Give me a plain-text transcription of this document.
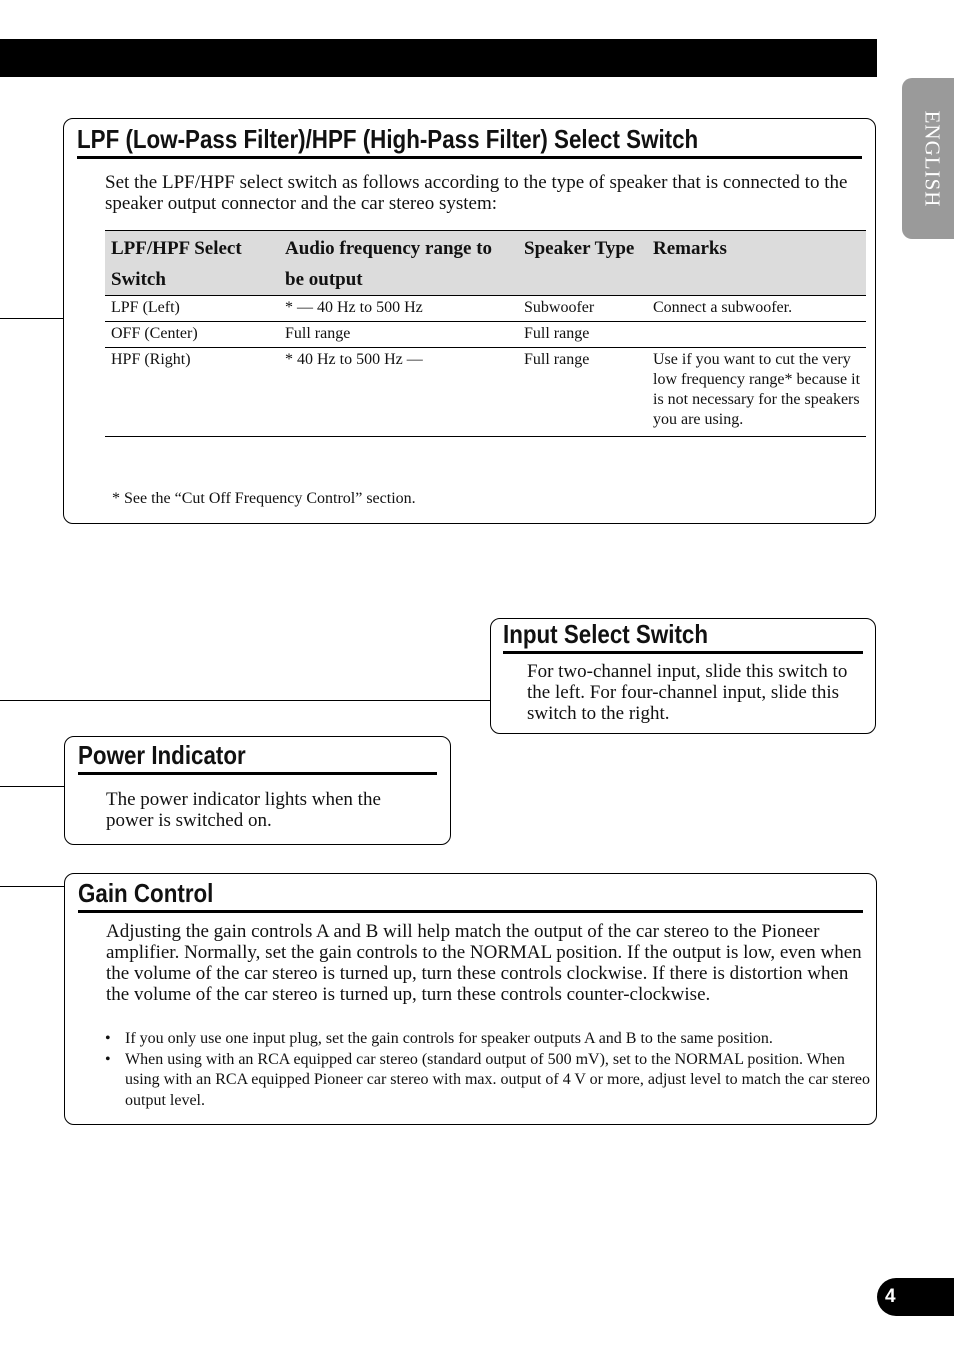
ENGLISH
LPF (Low-Pass Filter)/HPF (High-Pass Filter) Select Switch

Set the LPF/HPF select switch as follows according to the type of speaker that is connected to the speaker output connector and the car stereo system:

LPF/HPF Select Switch	Audio frequency range to be output	Speaker Type	Remarks
LPF (Left)	* — 40 Hz to 500 Hz	Subwoofer	Connect a subwoofer.
OFF (Center)	Full range	Full range	
HPF (Right)	* 40 Hz to 500 Hz —	Full range	Use if you want to cut the very low frequency range* because it is not necessary for the speakers you are using.
* See the “Cut Off Frequency Control” section.
Input Select Switch

For two-channel input, slide this switch to the left. For four-channel input, slide this switch to the right.

Power Indicator

The power indicator lights when the power is switched on.

Gain Control

Adjusting the gain controls A and B will help match the output of the car stereo to the Pioneer amplifier. Normally, set the gain controls to the NORMAL position. If the output is low, even when the volume of the car stereo is turned up, turn these controls clockwise. If there is distortion when the volume of the car stereo is turned up, turn these controls counter-clockwise.

• If you only use one input plug, set the gain controls for speaker outputs A and B to the same position.
• When using with an RCA equipped car stereo (standard output of 500 mV), set to the NORMAL position. When using with an RCA equipped Pioneer car stereo with max. output of 4 V or more, adjust level to match the car stereo output level.
4
